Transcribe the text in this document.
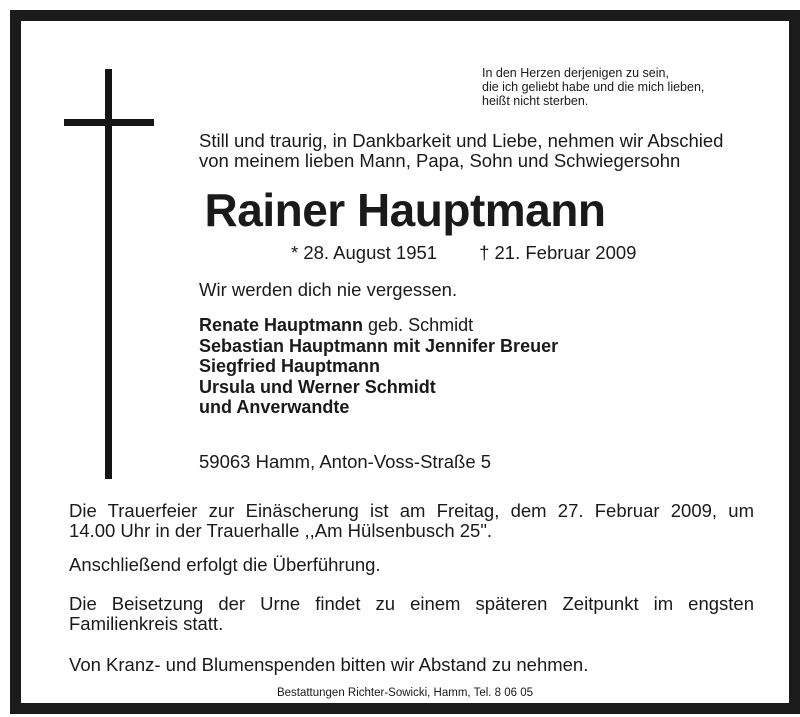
In den Herzen derjenigen zu sein,
die ich geliebt habe und die mich lieben,
heißt nicht sterben.
Still und traurig, in Dankbarkeit und Liebe, nehmen wir Abschied
von meinem lieben Mann, Papa, Sohn und Schwiegersohn
Rainer Hauptmann
* 28. August 1951 † 21. Februar 2009
Wir werden dich nie vergessen.
Renate Hauptmann geb. Schmidt
Sebastian Hauptmann mit Jennifer Breuer
Siegfried Hauptmann
Ursula und Werner Schmidt
und Anverwandte
59063 Hamm, Anton-Voss-Straße 5
Die Trauerfeier zur Einäscherung ist am Freitag, dem 27. Februar 2009, um
14.00 Uhr in der Trauerhalle ,,Am Hülsenbusch 25".
Anschließend erfolgt die Überführung.
Die Beisetzung der Urne findet zu einem späteren Zeitpunkt im engsten
Familienkreis statt.
Von Kranz- und Blumenspenden bitten wir Abstand zu nehmen.
Bestattungen Richter-Sowicki, Hamm, Tel. 8 06 05
